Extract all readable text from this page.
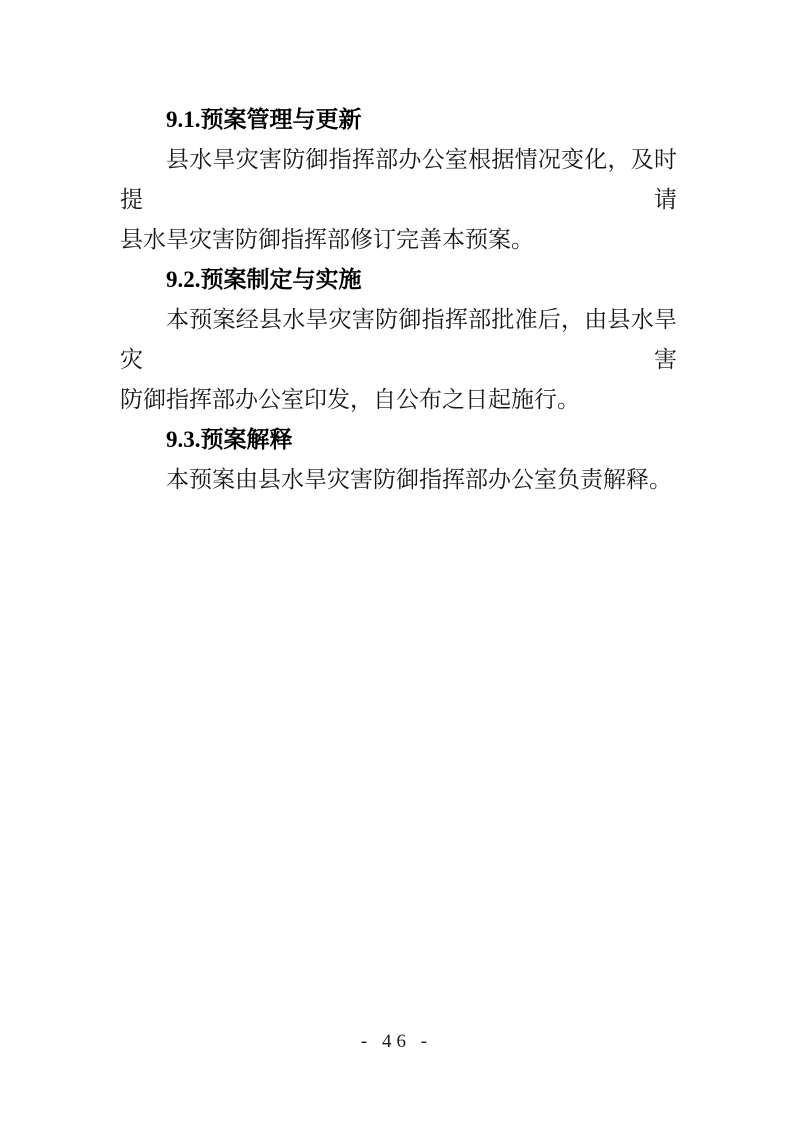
9.1.预案管理与更新
县水旱灾害防御指挥部办公室根据情况变化，及时提请
县水旱灾害防御指挥部修订完善本预案。
9.2.预案制定与实施
本预案经县水旱灾害防御指挥部批准后，由县水旱灾害
防御指挥部办公室印发，自公布之日起施行。
9.3.预案解释
本预案由县水旱灾害防御指挥部办公室负责解释。
- 46 -
